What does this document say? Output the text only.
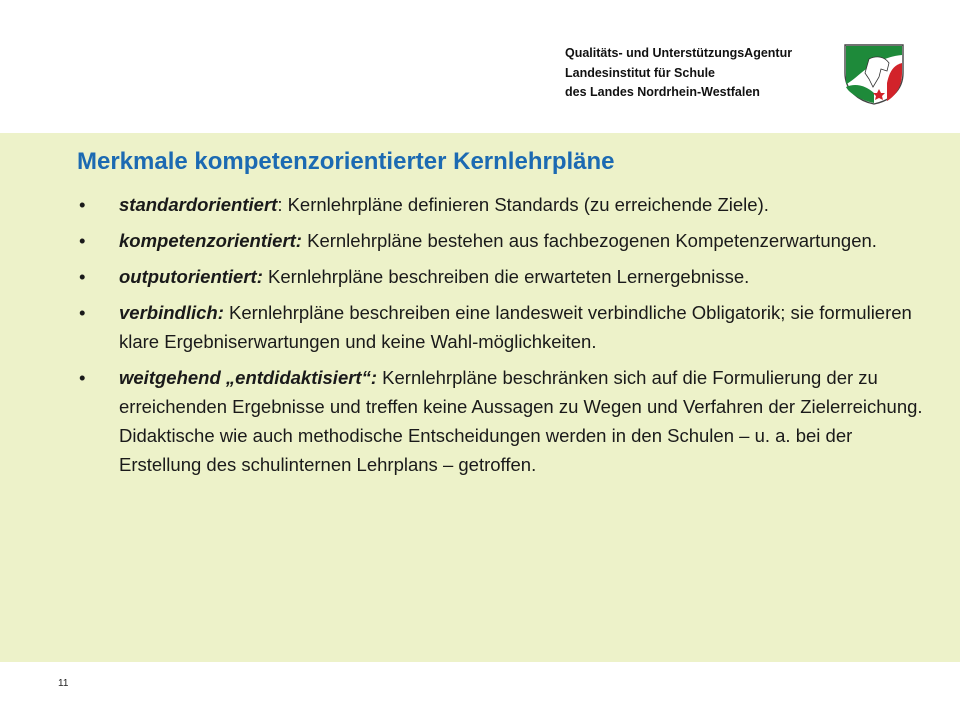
Qualitäts- und UnterstützungsAgentur
Landesinstitut für Schule
des Landes Nordrhein-Westfalen
Merkmale kompetenzorientierter Kernlehrpläne
• standardorientiert: Kernlehrpläne definieren Standards (zu erreichende Ziele).
• kompetenzorientiert: Kernlehrpläne bestehen aus fachbezogenen Kompetenzerwartungen.
• outputorientiert: Kernlehrpläne beschreiben die erwarteten Lernergebnisse.
• verbindlich: Kernlehrpläne beschreiben eine landesweit verbindliche Obligatorik; sie formulieren klare Ergebniserwartungen und keine Wahl-möglichkeiten.
• weitgehend „entdidaktisiert“: Kernlehrpläne beschränken sich auf die Formulierung der zu erreichenden Ergebnisse und treffen keine Aussagen zu Wegen und Verfahren der Zielerreichung. Didaktische wie auch methodische Entscheidungen werden in den Schulen – u. a. bei der Erstellung des schulinternen Lehrplans – getroffen.
11
